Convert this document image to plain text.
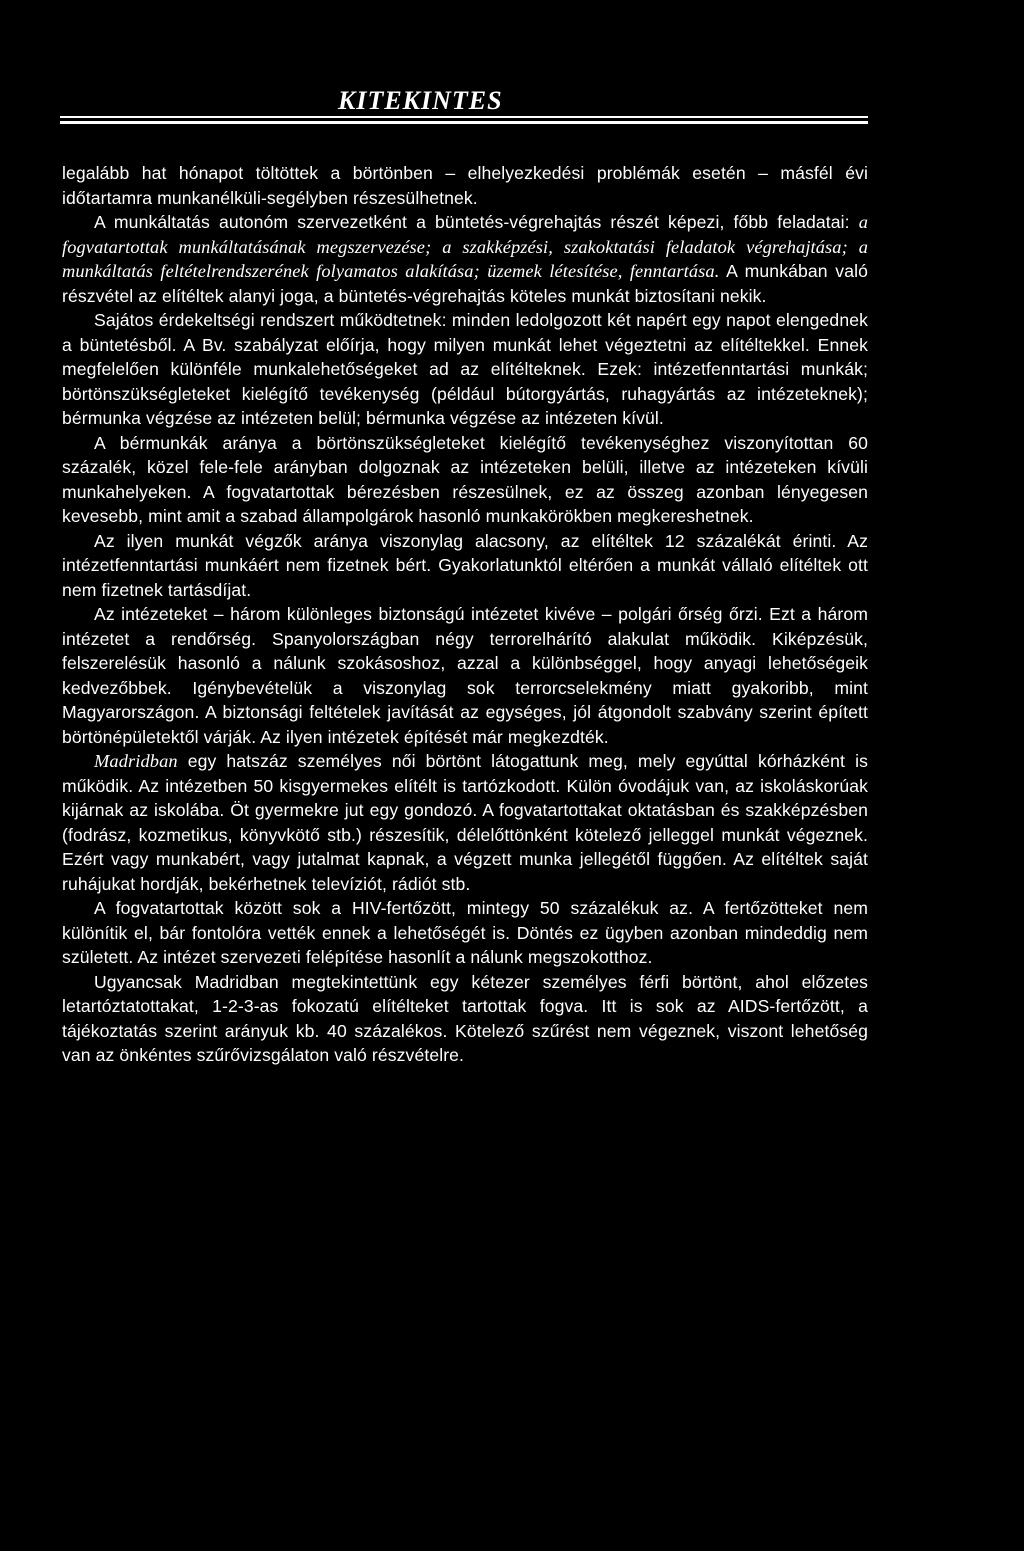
KITEKINTES

legalább hat hónapot töltöttek a börtönben – elhelyezkedési problémák esetén – másfél évi időtartamra munkanélküli-segélyben részesülhetnek.

A munkáltatás autonóm szervezetként a büntetés-végrehajtás részét képezi, főbb feladatai: a fogvatartottak munkáltatásának megszervezése; a szakképzési, szakoktatási feladatok végrehajtása; a munkáltatás feltételrendszerének folyamatos alakítása; üzemek létesítése, fenntartása. A munkában való részvétel az elítéltek alanyi joga, a büntetés-végrehajtás köteles munkát biztosítani nekik.

Sajátos érdekeltségi rendszert működtetnek: minden ledolgozott két napért egy napot elengednek a büntetésből. A Bv. szabályzat előírja, hogy milyen munkát lehet végeztetni az elítéltekkel. Ennek megfelelően különféle munkalehetőségeket ad az elítélteknek. Ezek: intézetfenntartási munkák; börtönszükségleteket kielégítő tevékenység (például bútorgyártás, ruhagyártás az intézeteknek); bérmunka végzése az intézeten belül; bérmunka végzése az intézeten kívül.

A bérmunkák aránya a börtönszükségleteket kielégítő tevékenységhez viszonyítottan 60 százalék, közel fele-fele arányban dolgoznak az intézeteken belüli, illetve az intézeteken kívüli munkahelyeken. A fogvatartottak bérezésben részesülnek, ez az összeg azonban lényegesen kevesebb, mint amit a szabad állampolgárok hasonló munkakörökben megkereshetnek.

Az ilyen munkát végzők aránya viszonylag alacsony, az elítéltek 12 százalékát érinti. Az intézetfenntartási munkáért nem fizetnek bért. Gyakorlatunktól eltérően a munkát vállaló elítéltek ott nem fizetnek tartásdíjat.

Az intézeteket – három különleges biztonságú intézetet kivéve – polgári őrség őrzi. Ezt a három intézetet a rendőrség. Spanyolországban négy terrorelhárító alakulat működik. Kiképzésük, felszerelésük hasonló a nálunk szokásoshoz, azzal a különbséggel, hogy anyagi lehetőségeik kedvezőbbek. Igénybevételük a viszonylag sok terrorcselekmény miatt gyakoribb, mint Magyarországon. A biztonsági feltételek javítását az egységes, jól átgondolt szabvány szerint épített börtönépületektől várják. Az ilyen intézetek építését már megkezdték.

Madridban egy hatszáz személyes női börtönt látogattunk meg, mely egyúttal kórházként is működik. Az intézetben 50 kisgyermekes elítélt is tartózkodott. Külön óvodájuk van, az iskoláskorúak kijárnak az iskolába. Öt gyermekre jut egy gondozó. A fogvatartottakat oktatásban és szakképzésben (fodrász, kozmetikus, könyvkötő stb.) részesítik, délelőttönként kötelező jelleggel munkát végeznek. Ezért vagy munkabért, vagy jutalmat kapnak, a végzett munka jellegétől függően. Az elítéltek saját ruhájukat hordják, bekérhetnek televíziót, rádiót stb.

A fogvatartottak között sok a HIV-fertőzött, mintegy 50 százalékuk az. A fertőzötteket nem különítik el, bár fontolóra vették ennek a lehetőségét is. Döntés ez ügyben azonban mindeddig nem született. Az intézet szervezeti felépítése hasonlít a nálunk megszokotthoz.

Ugyancsak Madridban megtekintettünk egy kétezer személyes férfi börtönt, ahol előzetes letartóztatottakat, 1-2-3-as fokozatú elítélteket tartottak fogva. Itt is sok az AIDS-fertőzött, a tájékoztatás szerint arányuk kb. 40 százalékos. Kötelező szűrést nem végeznek, viszont lehetőség van az önkéntes szűrővizsgálaton való részvételre.
